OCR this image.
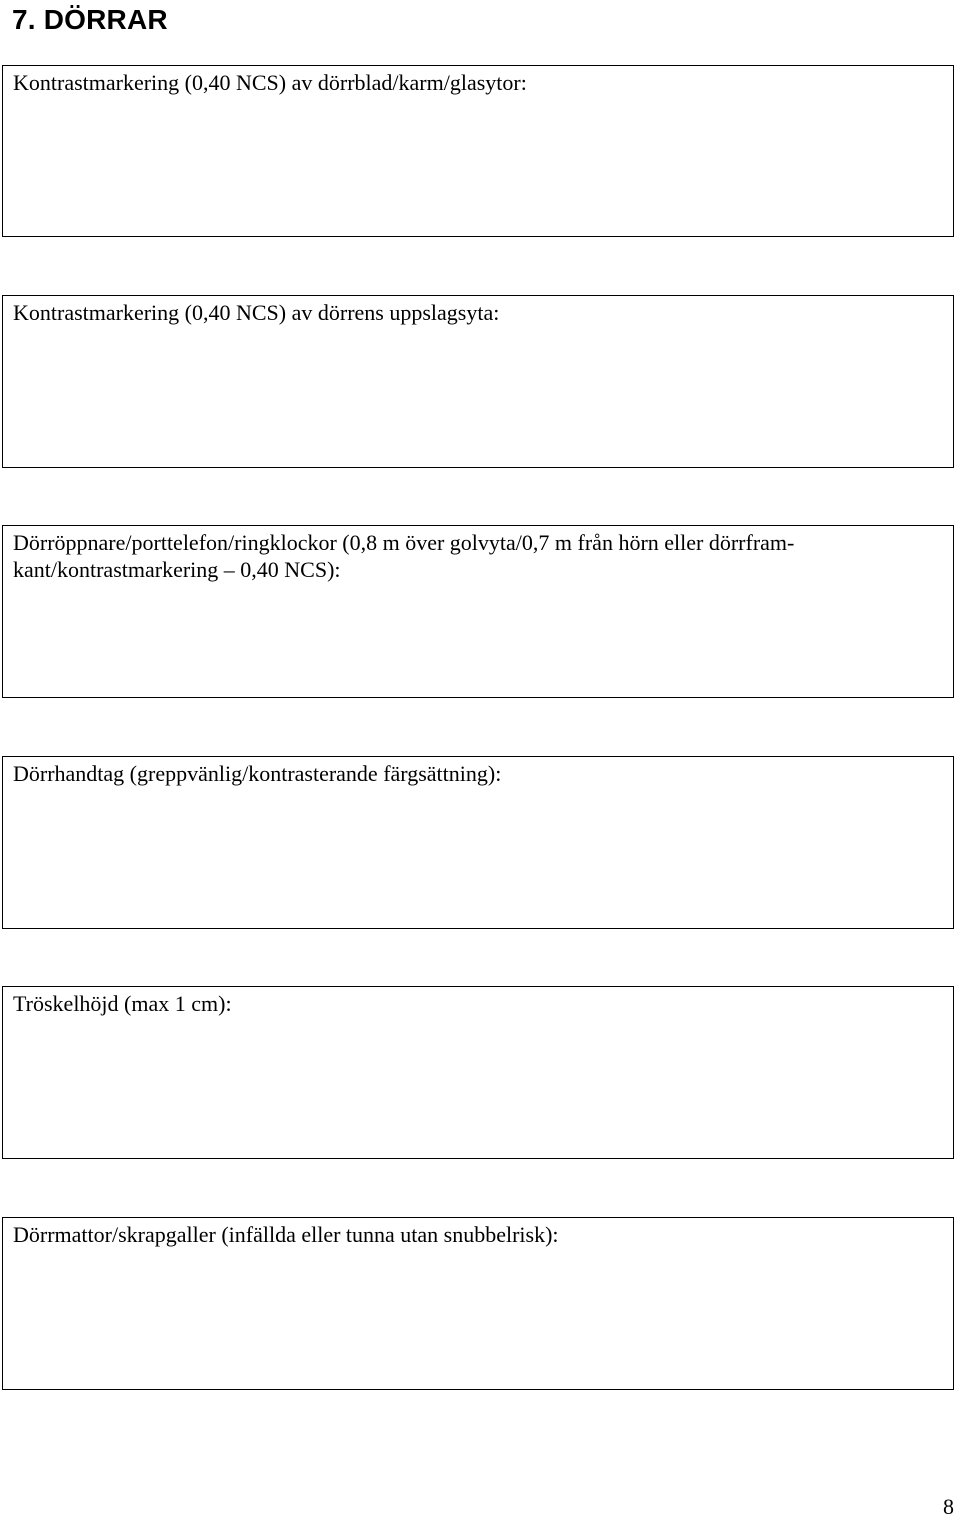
7. DÖRRAR

Kontrastmarkering (0,40 NCS) av dörrblad/karm/glasytor:

Kontrastmarkering (0,40 NCS) av dörrens uppslagsyta:

Dörröppnare/porttelefon/ringklockor (0,8 m över golvyta/0,7 m från hörn eller dörrfram-
kant/kontrastmarkering – 0,40 NCS):

Dörrhandtag (greppvänlig/kontrasterande färgsättning):

Tröskelhöjd (max 1 cm):

Dörrmattor/skrapgaller (infällda eller tunna utan snubbelrisk):

8
